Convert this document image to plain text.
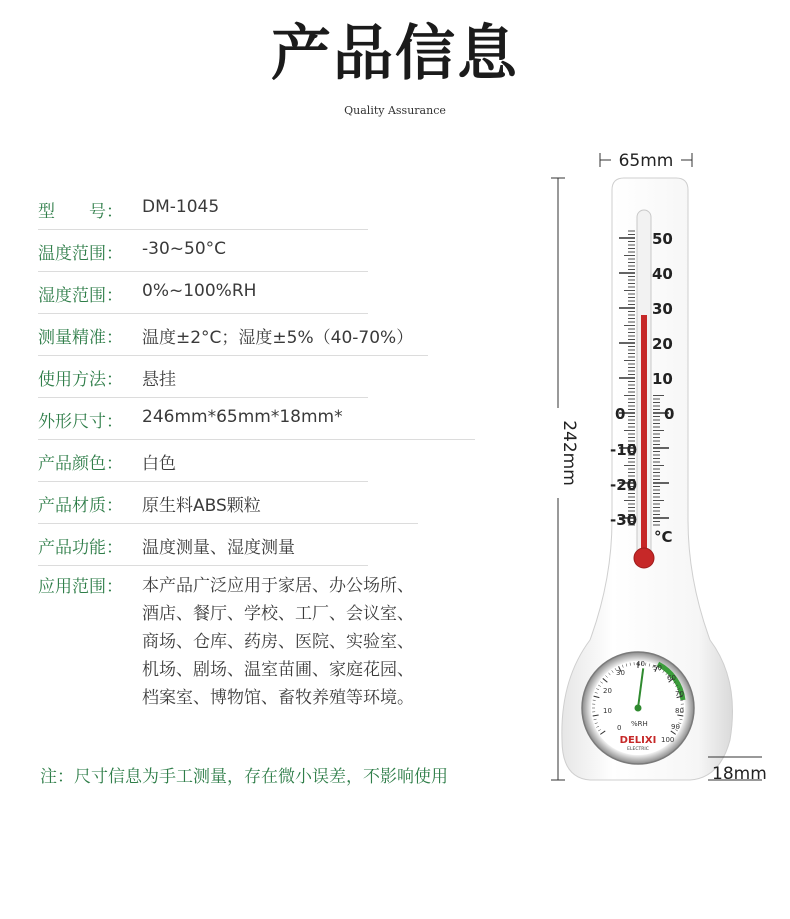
产品信息
Quality Assurance
型　　号：	DM-1045
温度范围：	-30~50°C
湿度范围：	0%~100%RH
测量精准：	温度±2°C；湿度±5%（40-70%）
使用方法：	悬挂
外形尺寸：	246mm*65mm*18mm*
产品颜色：	白色
产品材质：	原生料ABS颗粒
产品功能：	温度测量、湿度测量
应用范围： 本产品广泛应用于家居、办公场所、
酒店、餐厅、学校、工厂、会议室、
商场、仓库、药房、医院、实验室、
机场、剧场、温室苗圃、家庭花园、
档案室、博物馆、畜牧养殖等环境。
注：尺寸信息为手工测量，存在微小误差，不影响使用
65mm
242mm
50
40
30
20
10
0	0
-10
-20
-30
°C
0
10
20
30
40 50
60
70
80
90
100
%RH
DELIXI
ELECTRIC
18mm
